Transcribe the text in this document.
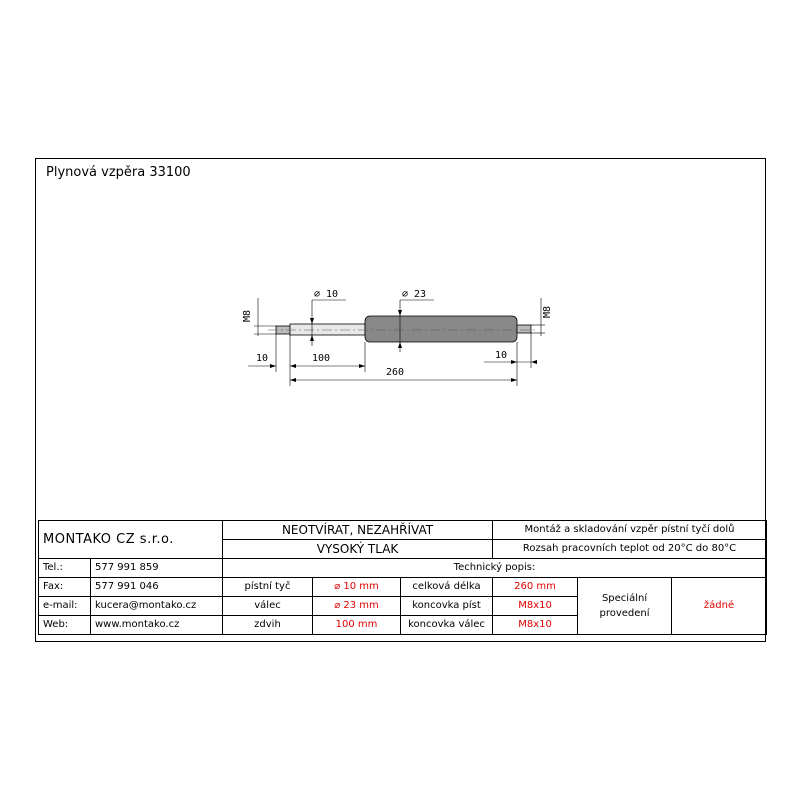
Plynová vzpěra 33100
M8	M8
⌀ 10	⌀ 23
10	100	10
260
MONTAKO CZ s.r.o.		NEOTVÍRAT, NEZAHŘÍVAT			Montáž a skladování vzpěr pístní tyčí dolů		
		VYSOKÝ TLAK			Rozsah pracovních teplot od 20°C do 80°C		
Tel.:	577 991 859	Technický popis:					
Fax:	577 991 046	pístní tyč	⌀ 10 mm	celková délka	260 mm	Speciální provedení	žádné
e-mail:	kucera@montako.cz	válec	⌀ 23 mm	koncovka píst	M8x10		
Web:	www.montako.cz	zdvih	100 mm	koncovka válec	M8x10		
